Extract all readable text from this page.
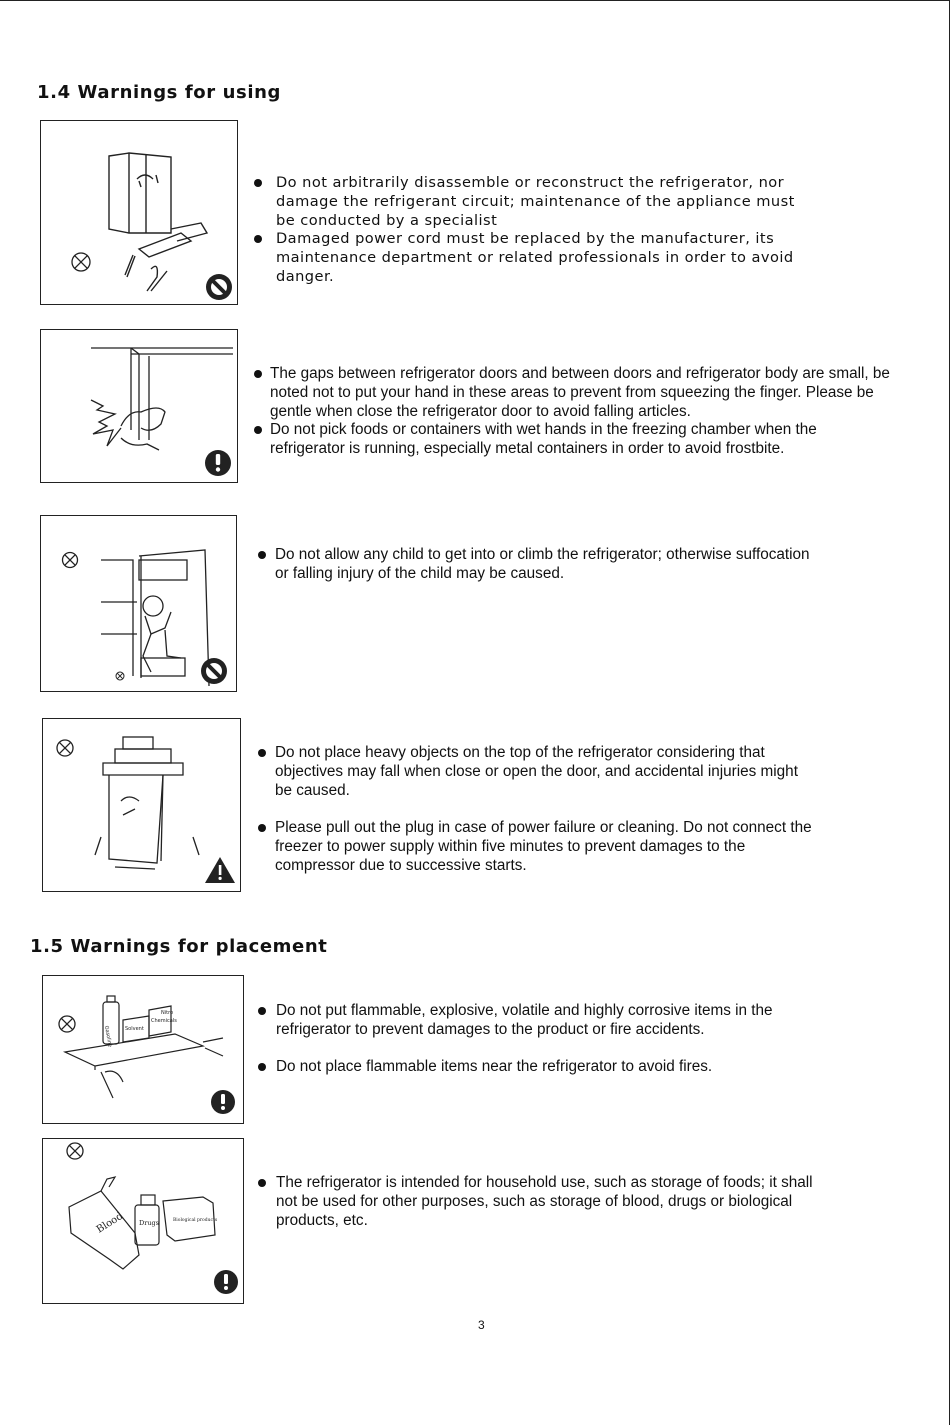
1.4 Warnings for using
Do not arbitrarily disassemble or reconstruct the refrigerator, nor damage the refrigerant circuit; maintenance of the appliance must be conducted by a specialist
Damaged power cord must be replaced by the manufacturer, its maintenance department or related professionals in order to avoid danger.
The gaps between refrigerator doors and between doors and refrigerator body are small, be noted not to put your hand in these areas to prevent from squeezing the finger. Please be gentle when close the refrigerator door to avoid falling articles.
Do not pick foods or containers with wet hands in the freezing chamber when the refrigerator is running, especially metal containers in order to avoid frostbite.
Do not allow any child to get into or climb the refrigerator; otherwise suffocation or falling injury of the child may be caused.
Do not place heavy objects on the top of the refrigerator considering that objectives may fall when close or open the door, and accidental injuries might be caused.
Please pull out the plug in case of power failure or cleaning. Do not connect the freezer to power supply within five minutes to prevent damages to the compressor due to successive starts.
1.5 Warnings for placement
Gasoline Solvent
Chemicals
Nitro	Do not put flammable, explosive, volatile and highly corrosive items in the refrigerator to prevent damages to the product or fire accidents.
Do not place flammable items near the refrigerator to avoid fires.
Blood Drugs	Biological products
The refrigerator is intended for household use, such as storage of foods; it shall not be used for other purposes, such as storage of blood, drugs or biological products, etc.
3
